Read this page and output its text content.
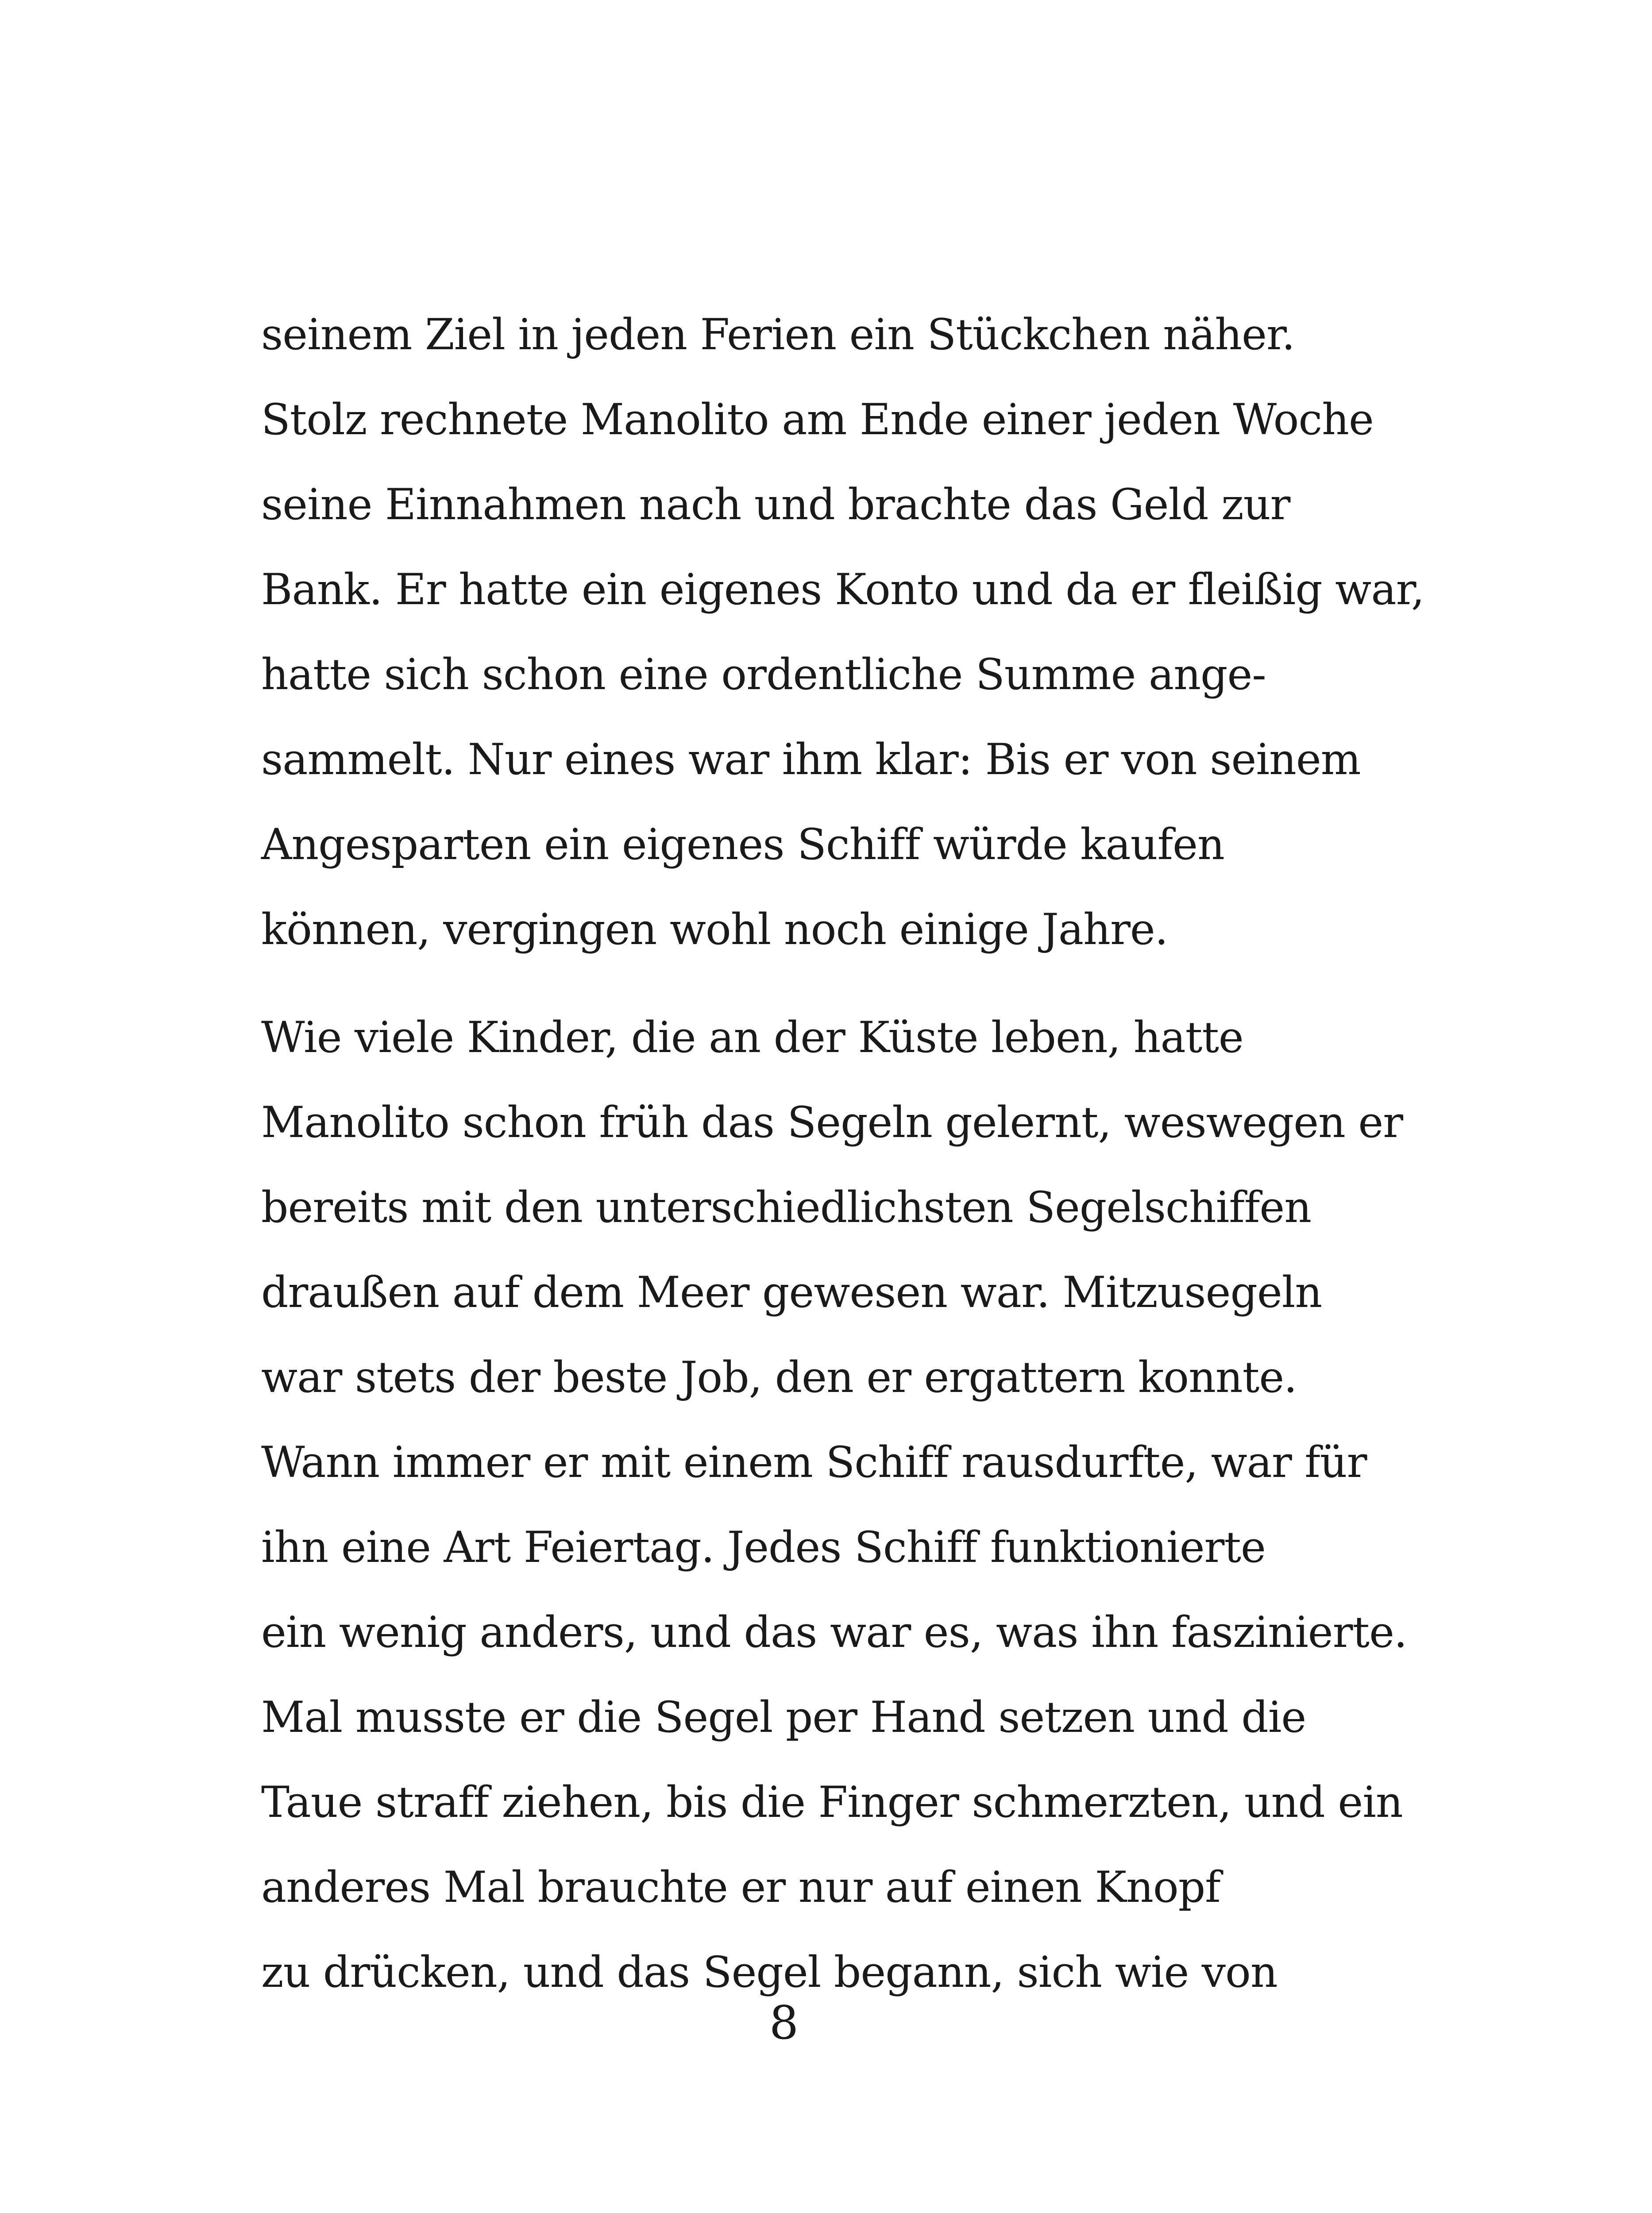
seinem Ziel in jeden Ferien ein Stückchen näher.
Stolz rechnete Manolito am Ende einer jeden Woche
seine Einnahmen nach und brachte das Geld zur
Bank. Er hatte ein eigenes Konto und da er fleißig war,
hatte sich schon eine ordentliche Summe ange-
sammelt. Nur eines war ihm klar: Bis er von seinem
Angesparten ein eigenes Schiff würde kaufen
können, vergingen wohl noch einige Jahre.
Wie viele Kinder, die an der Küste leben, hatte
Manolito schon früh das Segeln gelernt, weswegen er
bereits mit den unterschiedlichsten Segelschiffen
draußen auf dem Meer gewesen war. Mitzusegeln
war stets der beste Job, den er ergattern konnte.
Wann immer er mit einem Schiff rausdurfte, war für
ihn eine Art Feiertag. Jedes Schiff funktionierte
ein wenig anders, und das war es, was ihn faszinierte.
Mal musste er die Segel per Hand setzen und die
Taue straff ziehen, bis die Finger schmerzten, und ein
anderes Mal brauchte er nur auf einen Knopf
zu drücken, und das Segel begann, sich wie von
8
